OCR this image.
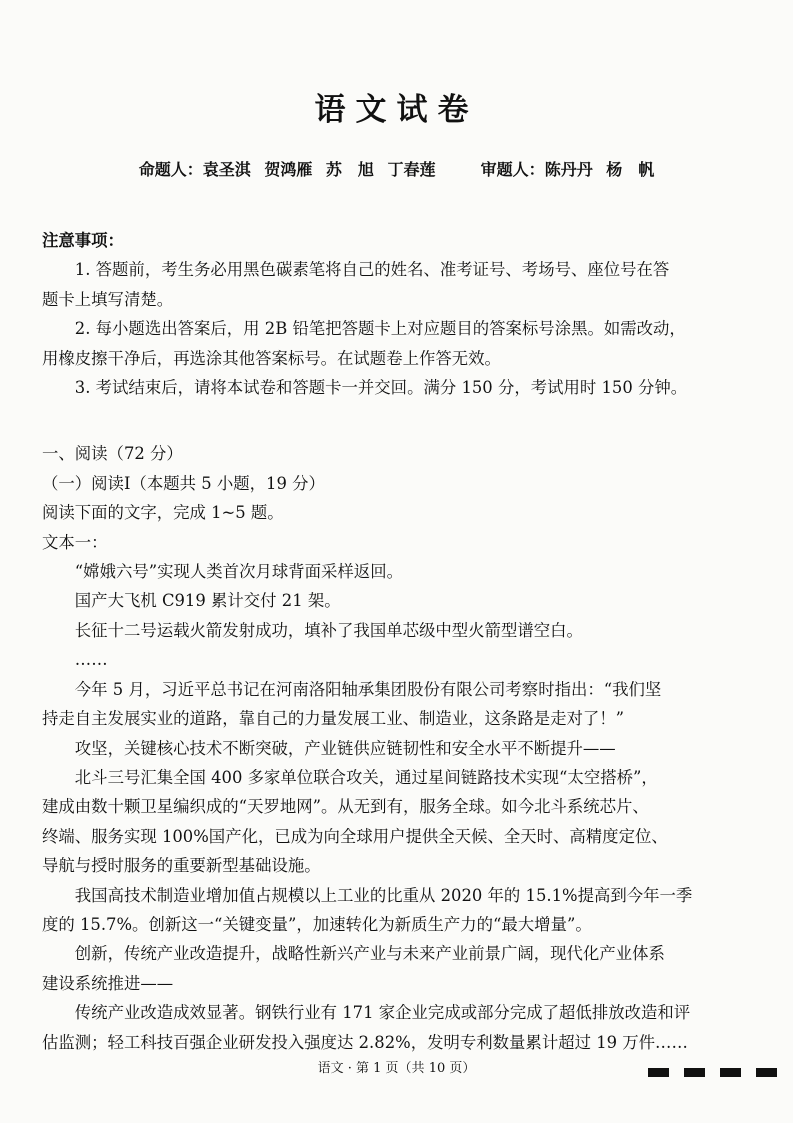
语文试卷
命题人：袁圣淇 贺鸿雁 苏　旭 丁春莲	审题人：陈丹丹 杨　帆

注意事项：

1. 答题前，考生务必用黑色碳素笔将自己的姓名、准考证号、考场号、座位号在答

题卡上填写清楚。

2. 每小题选出答案后，用 2B 铅笔把答题卡上对应题目的答案标号涂黑。如需改动，

用橡皮擦干净后，再选涂其他答案标号。在试题卷上作答无效。

3. 考试结束后，请将本试卷和答题卡一并交回。满分 150 分，考试用时 150 分钟。

一、阅读（72 分）

（一）阅读Ⅰ（本题共 5 小题，19 分）

阅读下面的文字，完成 1~5 题。

文本一：

“嫦娥六号”实现人类首次月球背面采样返回。

国产大飞机 C919 累计交付 21 架。

长征十二号运载火箭发射成功，填补了我国单芯级中型火箭型谱空白。

……

今年 5 月，习近平总书记在河南洛阳轴承集团股份有限公司考察时指出：“我们坚

持走自主发展实业的道路，靠自己的力量发展工业、制造业，这条路是走对了！”

攻坚，关键核心技术不断突破，产业链供应链韧性和安全水平不断提升——

北斗三号汇集全国 400 多家单位联合攻关，通过星间链路技术实现“太空搭桥”，

建成由数十颗卫星编织成的“天罗地网”。从无到有，服务全球。如今北斗系统芯片、

终端、服务实现 100%国产化，已成为向全球用户提供全天候、全天时、高精度定位、

导航与授时服务的重要新型基础设施。

我国高技术制造业增加值占规模以上工业的比重从 2020 年的 15.1%提高到今年一季

度的 15.7%。创新这一“关键变量”，加速转化为新质生产力的“最大增量”。

创新，传统产业改造提升，战略性新兴产业与未来产业前景广阔，现代化产业体系

建设系统推进——

传统产业改造成效显著。钢铁行业有 171 家企业完成或部分完成了超低排放改造和评

估监测；轻工科技百强企业研发投入强度达 2.82%，发明专利数量累计超过 19 万件……

语文 · 第 1 页（共 10 页）
